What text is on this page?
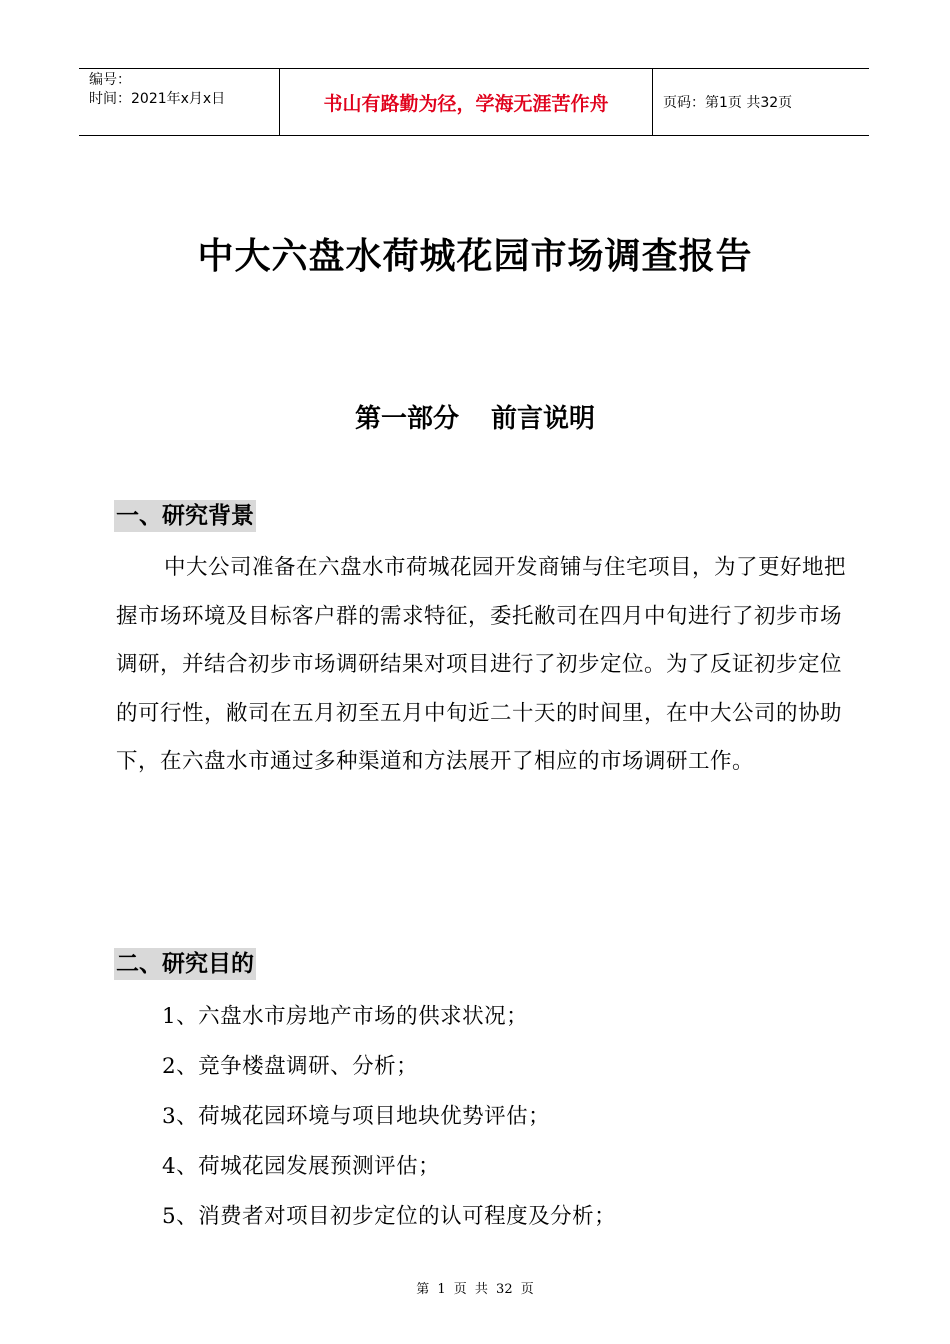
编号：
时间：2021年x月x日	书山有路勤为径，学海无涯苦作舟	页码：第1页 共32页
中大六盘水荷城花园市场调查报告
第一部分 前言说明
一、研究背景

中大公司准备在六盘水市荷城花园开发商铺与住宅项目，为了更好地把握市场环境及目标客户群的需求特征，委托敝司在四月中旬进行了初步市场调研，并结合初步市场调研结果对项目进行了初步定位。为了反证初步定位的可行性，敝司在五月初至五月中旬近二十天的时间里，在中大公司的协助下，在六盘水市通过多种渠道和方法展开了相应的市场调研工作。

二、研究目的
1、六盘水市房地产市场的供求状况；
2、竞争楼盘调研、分析；
3、荷城花园环境与项目地块优势评估；
4、荷城花园发展预测评估；
5、消费者对项目初步定位的认可程度及分析；
第 1 页 共 32 页
